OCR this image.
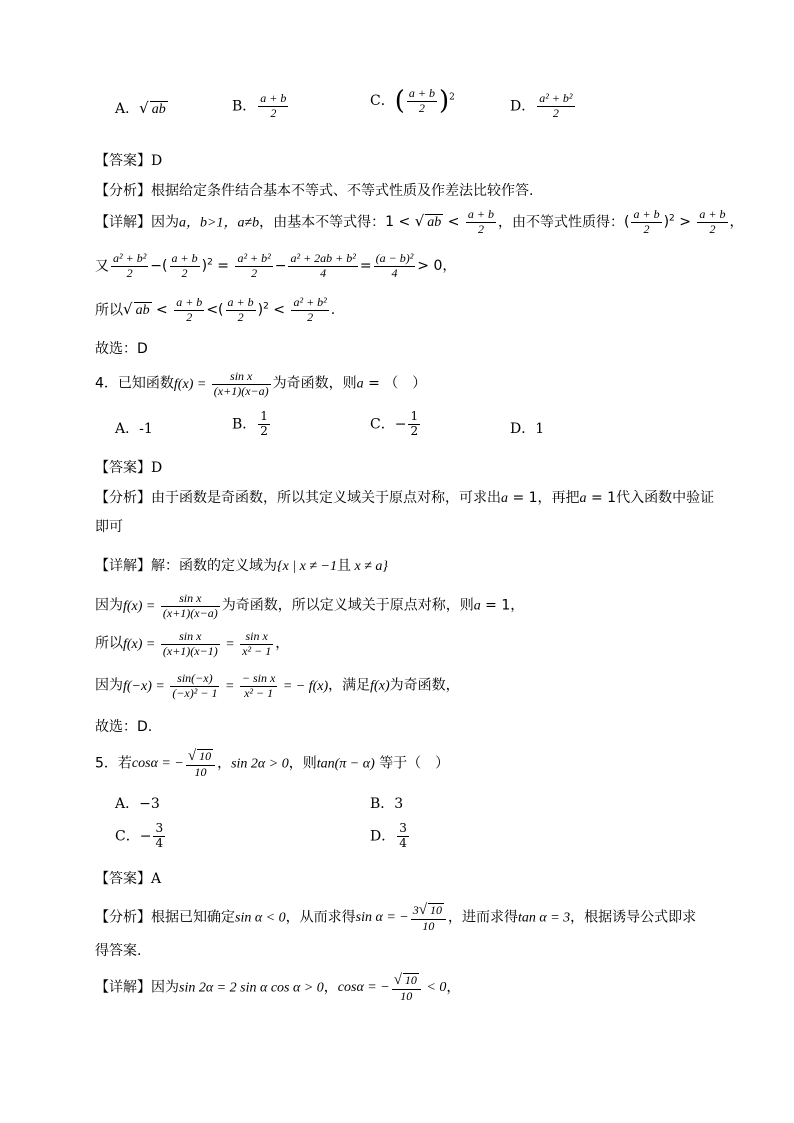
A．√ ab	B． $\frac{a + b}{2}$	C．( $\frac{a + b}{2} )^2$
D． $\frac{\text{a² + b²}}{2}$
【答案】D
【分析】根据给定条件结合基本不等式、不等式性质及作差法比较作答.
【详解】因为a，b>1，a≠b，由基本不等式得：1 < √ ab < $\frac{a + b}{2}$ ，由不等式性质得：( $\frac{a + b}{2} )^2 > \frac{a + b}{2}$ ，
又 $\frac{\text{a² + b²}}{2}$ −( $\frac{a + b}{2} )^2 = \frac{\text{a² + b²}}{2} - \frac{\text{a² + 2ab + b²}}{4} = \frac{\text{(a − b)²}}{4} > 0$，
所以√ ab < $\frac{a + b}{2}$ <( $\frac{a + b}{2} )^2 < \frac{\text{a² + b²}}{2}$ .
故选：D
4．已知函数$f(x) = \frac{\text{sin x}}{(x+1)(x-a)}$ 为奇函数，则a = （　）
A．-1	B． $\frac{1}{2}$	C．− $\frac{1}{2}$	D．1
【答案】D
【分析】由于函数是奇函数，所以其定义域关于原点对称，可求出a = 1，再把a = 1代入函数中验证
即可
【详解】解：函数的定义域为{x | x ≠ −1且 x ≠ a}
因为$f(x) = \frac{\text{sin x}}{(x+1)(x-a)}$ 为奇函数，所以定义域关于原点对称，则a = 1，
所以$f(x) = \frac{\text{sin x}}{(x+1)(x-1)} = \frac{\text{sin x}}{\text{x² − 1}}$ ，
因为$f(-x) = \frac{\sin(-x)}{\text{(−x)² − 1}} = \frac{\text{− sin x}}{\text{x² − 1}}$ = − f(x)，满足f(x)为奇函数，
故选：D.
5．若cosα = − $\frac{√ 10}{10}$ ，sin 2α > 0，则tan(π − α) 等于（　）
A．−3	B．3
C．− $\frac{3}{4}$	D． $\frac{3}{4}$
【答案】A
【分析】根据已知确定sin α < 0，从而求得sin α = − $\frac{3√ 10}{10}$ ，进而求得tan α = 3，根据诱导公式即求
得答案.
【详解】因为sin 2α = 2 sin α cos α > 0，cosα = − $\frac{√ 10}{10} < 0$，
